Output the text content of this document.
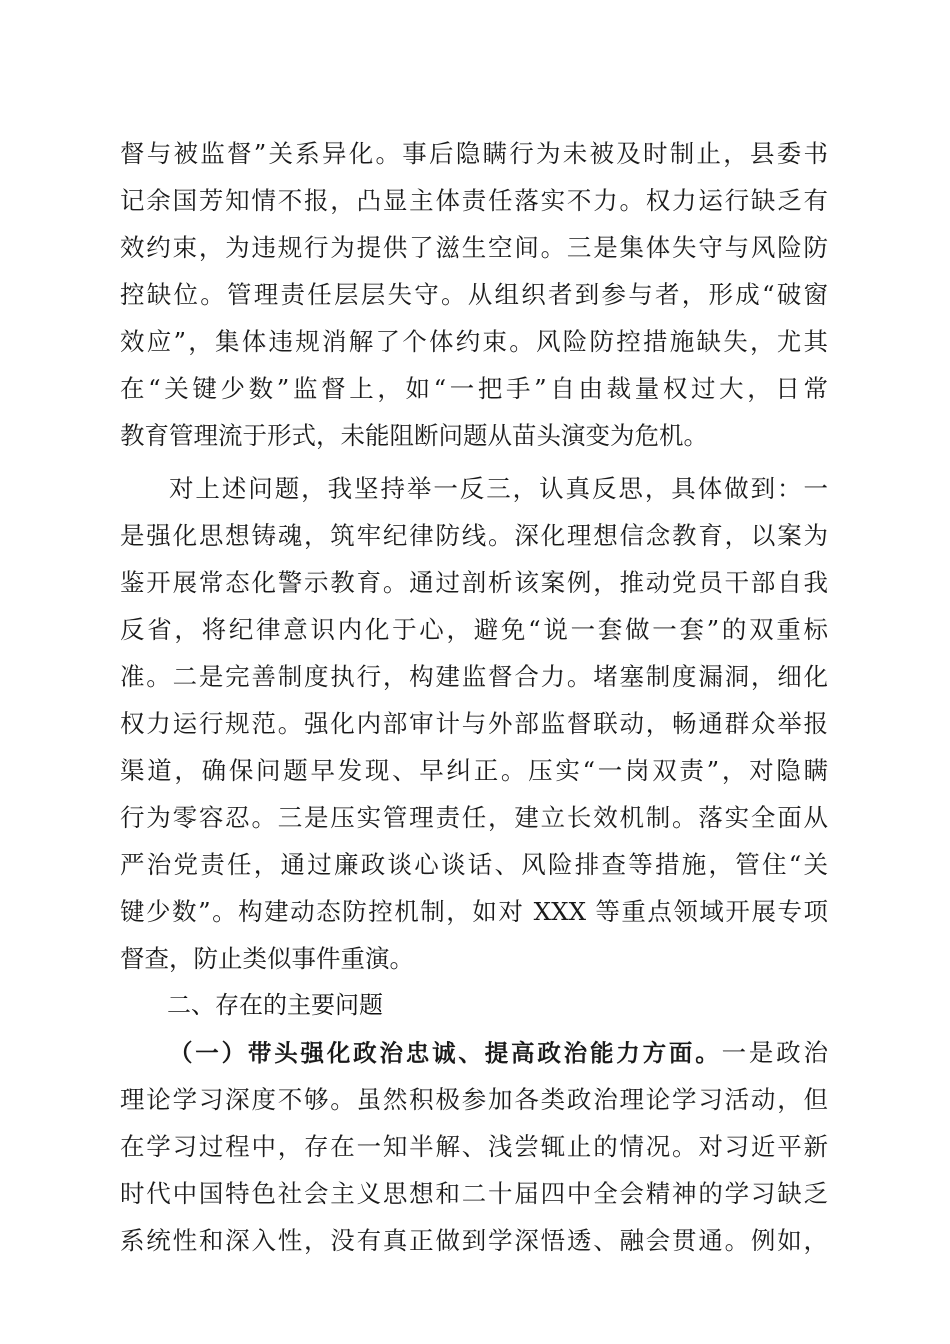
督与被监督”关系异化。事后隐瞒行为未被及时制止，县委书
记余国芳知情不报，凸显主体责任落实不力。权力运行缺乏有
效约束，为违规行为提供了滋生空间。三是集体失守与风险防
控缺位。管理责任层层失守。从组织者到参与者，形成“破窗
效应”，集体违规消解了个体约束。风险防控措施缺失，尤其
在“关键少数”监督上，如“一把手”自由裁量权过大，日常
教育管理流于形式，未能阻断问题从苗头演变为危机。
对上述问题，我坚持举一反三，认真反思，具体做到：一
是强化思想铸魂，筑牢纪律防线。深化理想信念教育，以案为
鉴开展常态化警示教育。通过剖析该案例，推动党员干部自我
反省，将纪律意识内化于心，避免“说一套做一套”的双重标
准。二是完善制度执行，构建监督合力。堵塞制度漏洞，细化
权力运行规范。强化内部审计与外部监督联动，畅通群众举报
渠道，确保问题早发现、早纠正。压实“一岗双责”，对隐瞒
行为零容忍。三是压实管理责任，建立长效机制。落实全面从
严治党责任，通过廉政谈心谈话、风险排查等措施，管住“关
键少数”。构建动态防控机制，如对 XXX 等重点领域开展专项
督查，防止类似事件重演。
二、存在的主要问题
（一）带头强化政治忠诚、提高政治能力方面。一是政治
理论学习深度不够。虽然积极参加各类政治理论学习活动，但
在学习过程中，存在一知半解、浅尝辄止的情况。对习近平新
时代中国特色社会主义思想和二十届四中全会精神的学习缺乏
系统性和深入性，没有真正做到学深悟透、融会贯通。例如，
